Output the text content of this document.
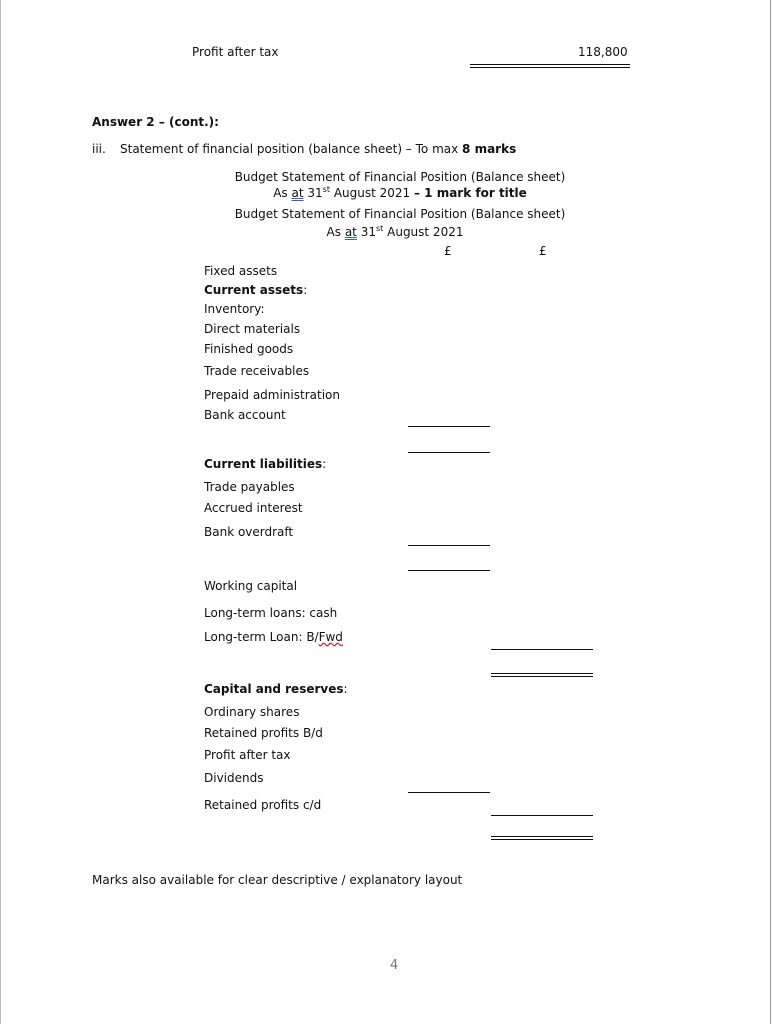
Profit after tax	118,800
Answer 2 – (cont.):
iii. Statement of financial position (balance sheet) – To max 8 marks
Budget Statement of Financial Position (Balance sheet)
As at 31st August 2021 – 1 mark for title
Budget Statement of Financial Position (Balance sheet)
As at 31st August 2021
£	£
Fixed assets
Current assets:
Inventory:
Direct materials
Finished goods
Trade receivables
Prepaid administration
Bank account
Current liabilities:
Trade payables
Accrued interest
Bank overdraft
Working capital
Long-term loans: cash
Long-term Loan: B/Fwd
Capital and reserves:
Ordinary shares
Retained profits B/d
Profit after tax
Dividends
Retained profits c/d
Marks also available for clear descriptive / explanatory layout
4
